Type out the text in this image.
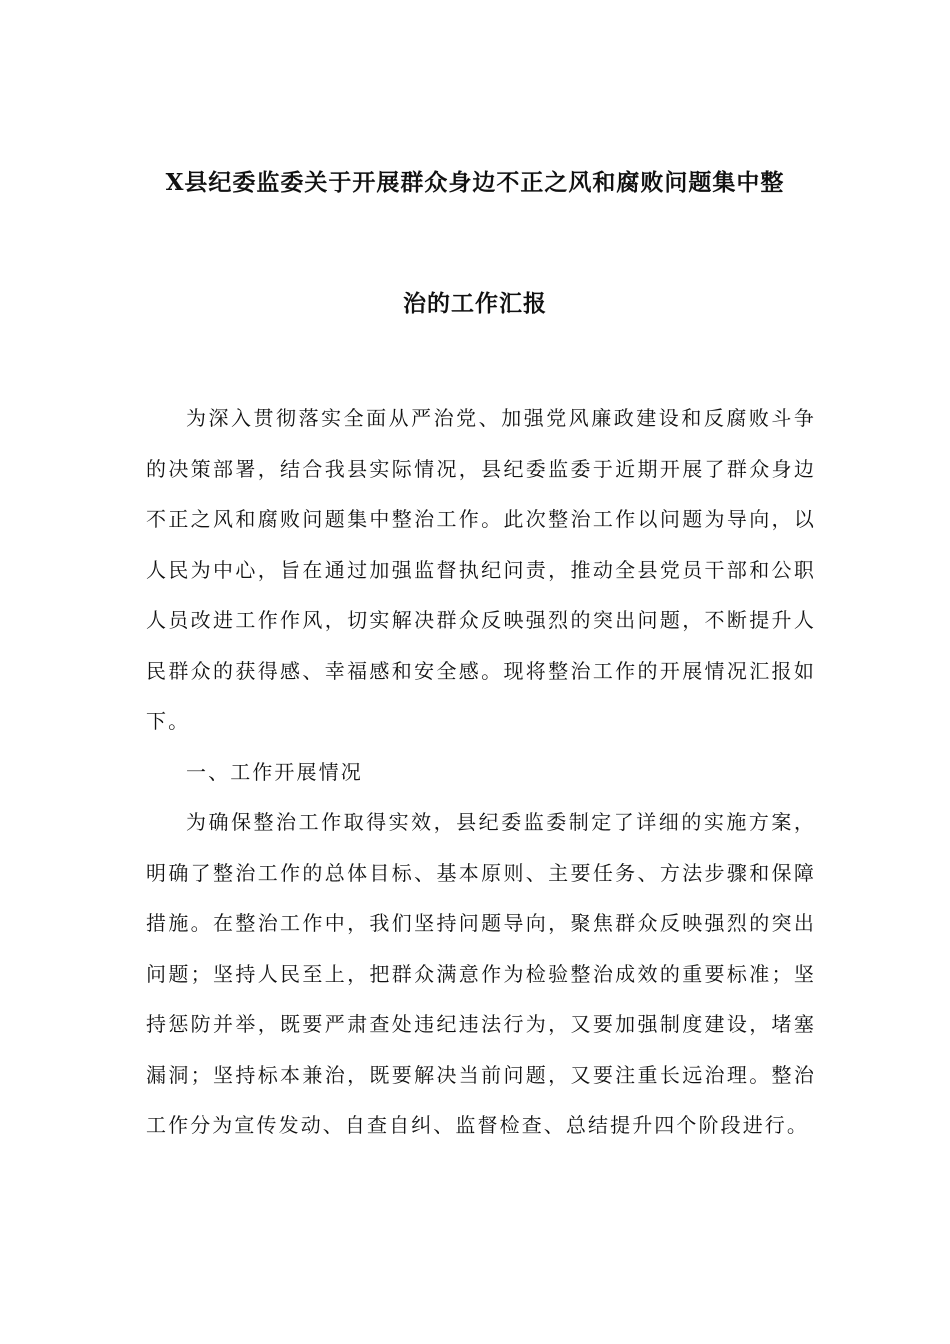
X县纪委监委关于开展群众身边不正之风和腐败问题集中整
治的工作汇报

为深入贯彻落实全面从严治党、加强党风廉政建设和反腐败斗争的决策部署，结合我县实际情况，县纪委监委于近期开展了群众身边不正之风和腐败问题集中整治工作。此次整治工作以问题为导向，以人民为中心，旨在通过加强监督执纪问责，推动全县党员干部和公职人员改进工作作风，切实解决群众反映强烈的突出问题，不断提升人民群众的获得感、幸福感和安全感。现将整治工作的开展情况汇报如下。

一、工作开展情况

为确保整治工作取得实效，县纪委监委制定了详细的实施方案，明确了整治工作的总体目标、基本原则、主要任务、方法步骤和保障措施。在整治工作中，我们坚持问题导向，聚焦群众反映强烈的突出问题；坚持人民至上，把群众满意作为检验整治成效的重要标准；坚持惩防并举，既要严肃查处违纪违法行为，又要加强制度建设，堵塞漏洞；坚持标本兼治，既要解决当前问题，又要注重长远治理。整治工作分为宣传发动、自查自纠、监督检查、总结提升四个阶段进行。
